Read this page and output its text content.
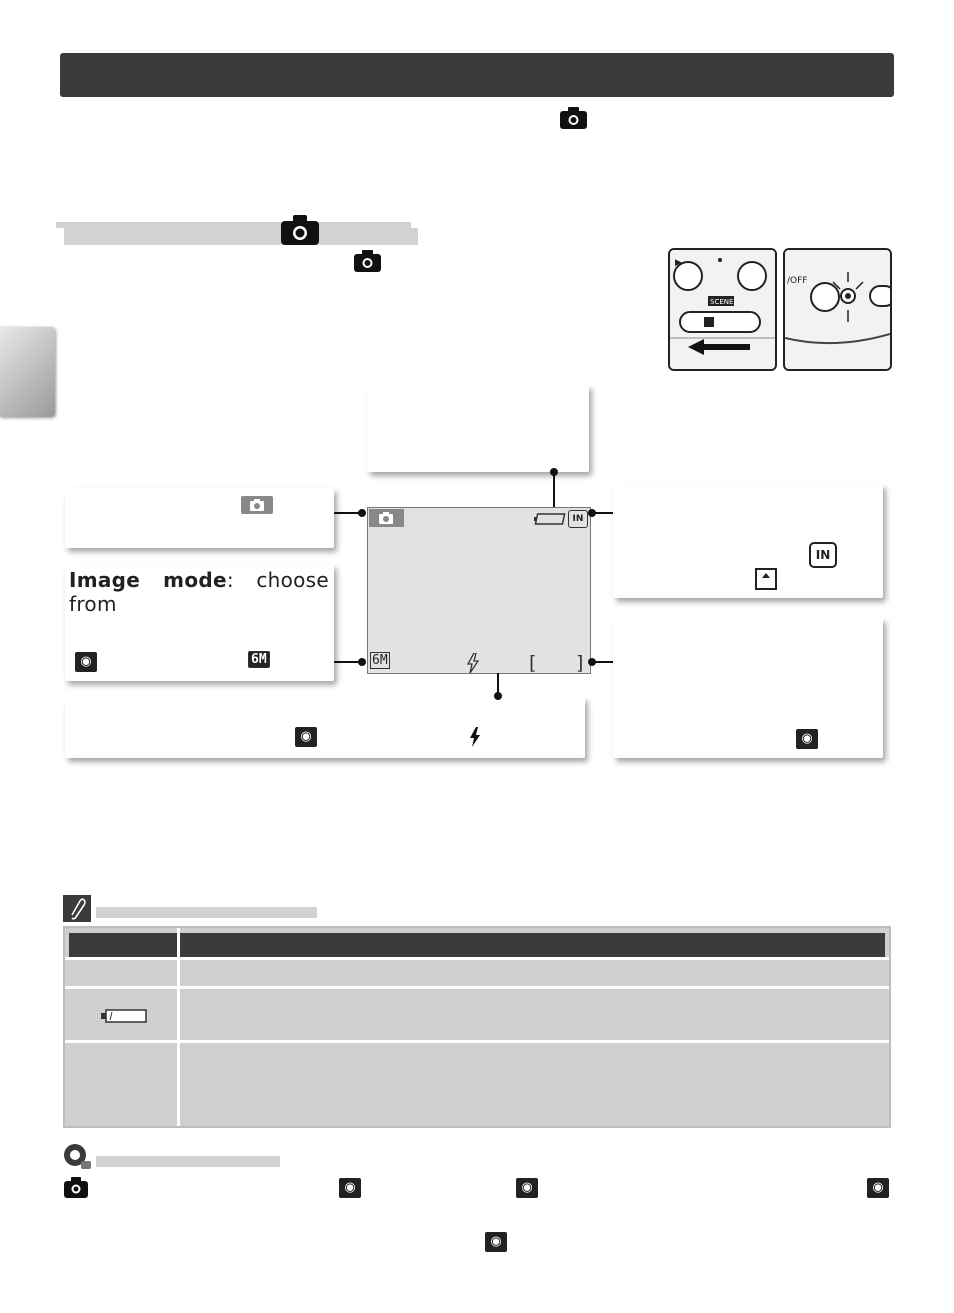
▶
SCENE
/OFF
Image mode: choose from
◉	6M
IN
◉
◉
IN
6M	[ ]
◉	◉	◉
◉
